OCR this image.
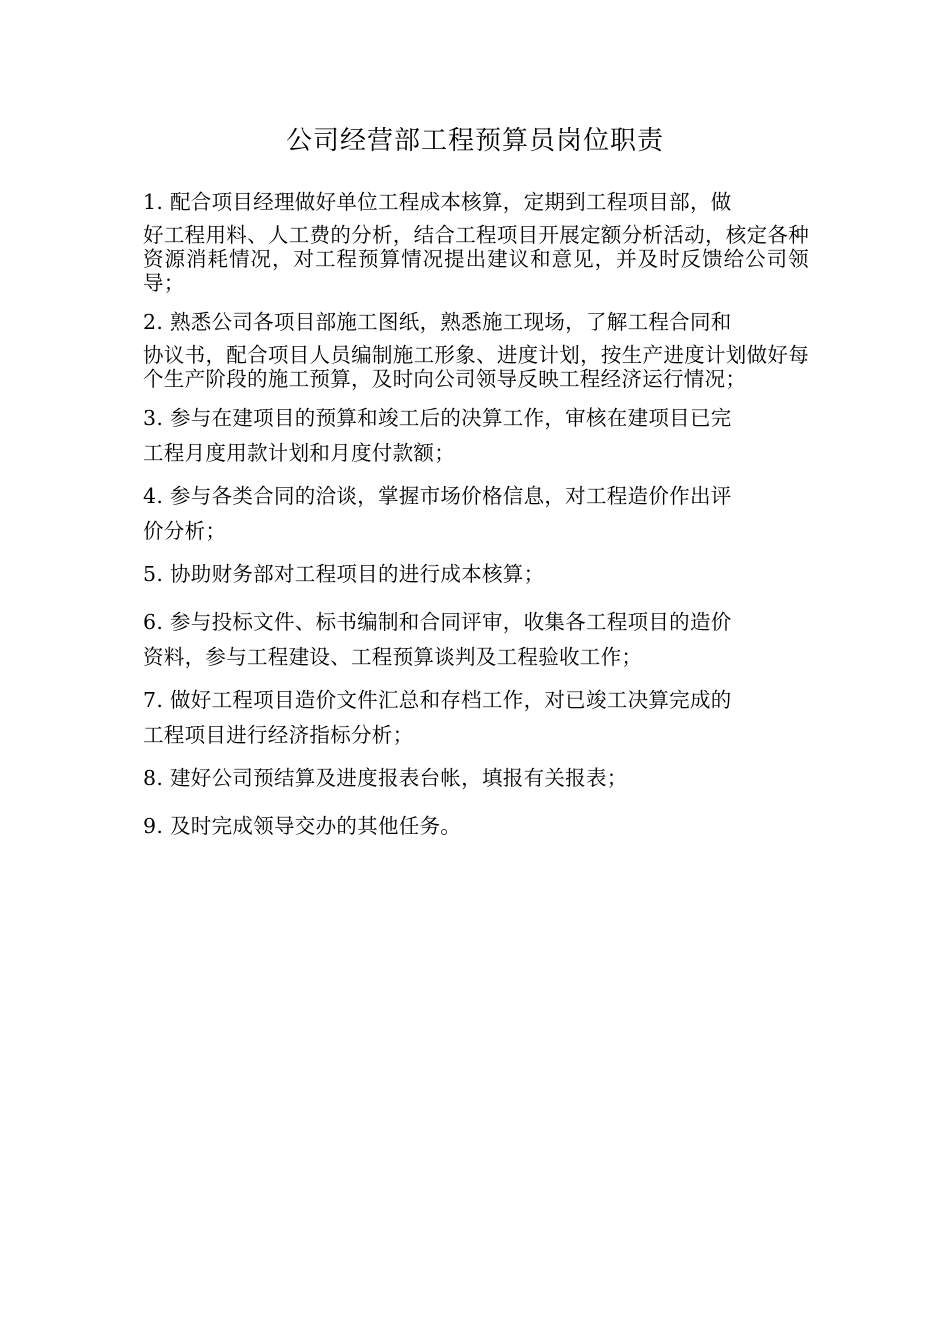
公司经营部工程预算员岗位职责
1. 配合项目经理做好单位工程成本核算，定期到工程项目部，做
好工程用料、人工费的分析，结合工程项目开展定额分析活动，核定各种资源消耗情况，对工程预算情况提出建议和意见，并及时反馈给公司领导；
2. 熟悉公司各项目部施工图纸，熟悉施工现场，了解工程合同和
协议书，配合项目人员编制施工形象、进度计划，按生产进度计划做好每个生产阶段的施工预算，及时向公司领导反映工程经济运行情况；
3. 参与在建项目的预算和竣工后的决算工作，审核在建项目已完
工程月度用款计划和月度付款额；
4. 参与各类合同的洽谈，掌握市场价格信息，对工程造价作出评
价分析；
5. 协助财务部对工程项目的进行成本核算；
6. 参与投标文件、标书编制和合同评审，收集各工程项目的造价
资料，参与工程建设、工程预算谈判及工程验收工作；
7. 做好工程项目造价文件汇总和存档工作，对已竣工决算完成的
工程项目进行经济指标分析；
8. 建好公司预结算及进度报表台帐，填报有关报表；
9. 及时完成领导交办的其他任务。
